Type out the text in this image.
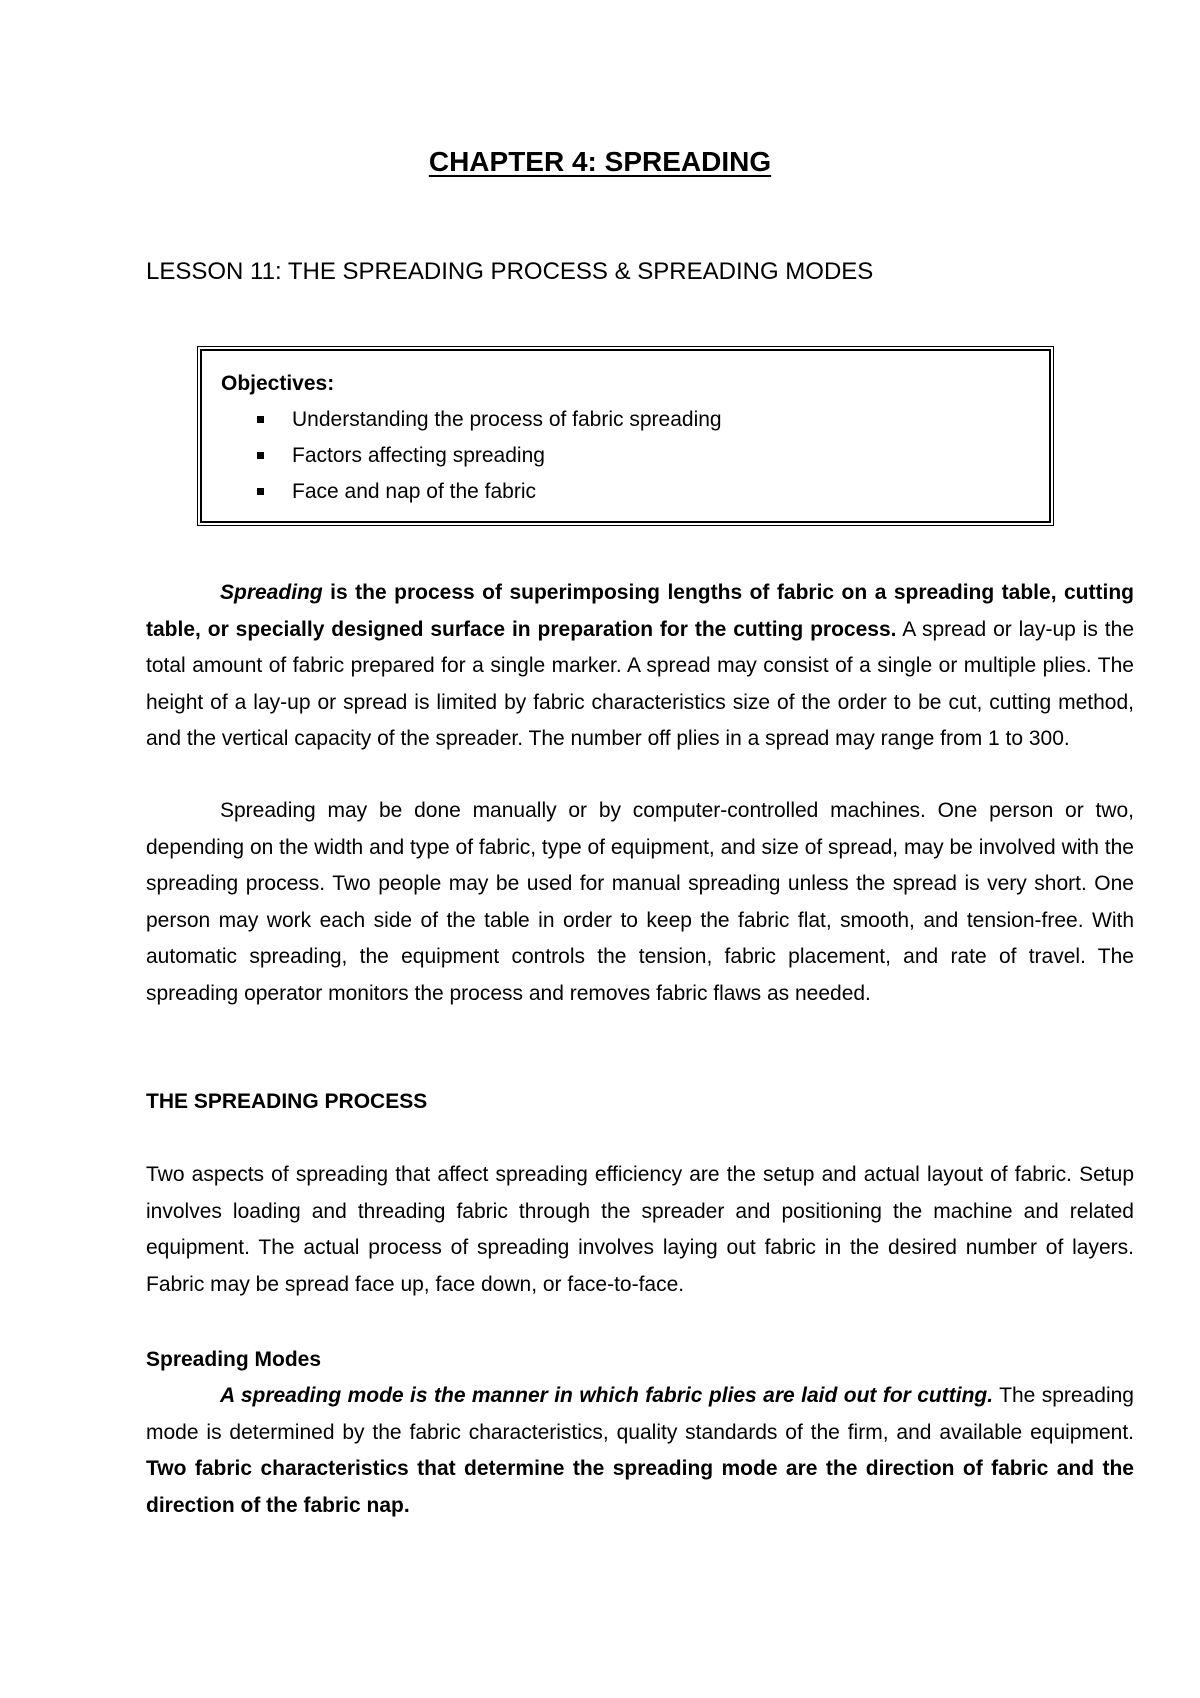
CHAPTER 4: SPREADING
LESSON 11: THE SPREADING PROCESS & SPREADING MODES
Objectives:
Understanding the process of fabric spreading
Factors affecting spreading
Face and nap of the fabric

Spreading is the process of superimposing lengths of fabric on a spreading table, cutting table, or specially designed surface in preparation for the cutting process. A spread or lay-up is the total amount of fabric prepared for a single marker. A spread may consist of a single or multiple plies. The height of a lay-up or spread is limited by fabric characteristics size of the order to be cut, cutting method, and the vertical capacity of the spreader. The number off plies in a spread may range from 1 to 300.

Spreading may be done manually or by computer-controlled machines. One person or two, depending on the width and type of fabric, type of equipment, and size of spread, may be involved with the spreading process. Two people may be used for manual spreading unless the spread is very short. One person may work each side of the table in order to keep the fabric flat, smooth, and tension-free. With automatic spreading, the equipment controls the tension, fabric placement, and rate of travel. The spreading operator monitors the process and removes fabric flaws as needed.

THE SPREADING PROCESS

Two aspects of spreading that affect spreading efficiency are the setup and actual layout of fabric. Setup involves loading and threading fabric through the spreader and positioning the machine and related equipment. The actual process of spreading involves laying out fabric in the desired number of layers. Fabric may be spread face up, face down, or face-to-face.

Spreading Modes

A spreading mode is the manner in which fabric plies are laid out for cutting. The spreading mode is determined by the fabric characteristics, quality standards of the firm, and available equipment. Two fabric characteristics that determine the spreading mode are the direction of fabric and the direction of the fabric nap.
